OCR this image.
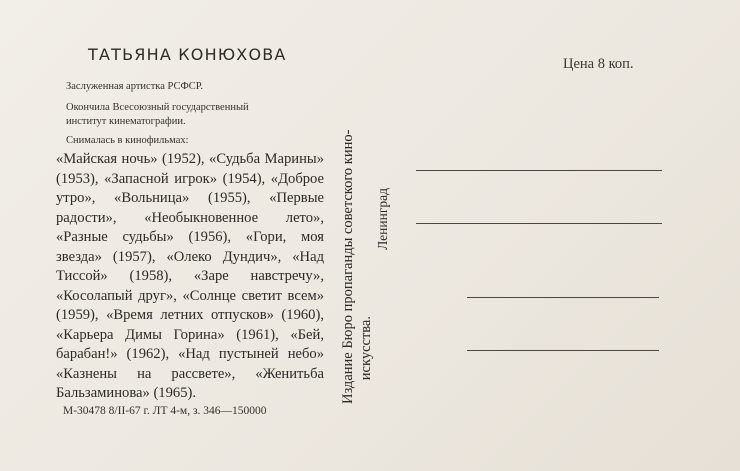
ТАТЬЯНА КОНЮХОВА
Заслуженная артистка РСФСР.
Окончила Всесоюзный государственный институт кинематографии.
Снималась в кинофильмах:
«Майская ночь» (1952), «Судьба Марины» (1953), «Запасной игрок» (1954), «Доброе утро», «Вольница» (1955), «Первые радости», «Необыкновенное лето», «Разные судьбы» (1956), «Гори, моя звезда» (1957), «Олеко Дундич», «Над Тиссой» (1958), «Заре навстречу», «Косолапый друг», «Солнце светит всем» (1959), «Время летних отпусков» (1960), «Карьера Димы Горина» (1961), «Бей, барабан!» (1962), «Над пустыней небо» «Казнены на рассвете», «Женитьба Бальзаминова» (1965).
М-30478 8/II-67 г. ЛТ 4-м, з. 346—150000
Издание Бюро пропаганды советского кино- искусства.
Ленинград
Цена 8 коп.
